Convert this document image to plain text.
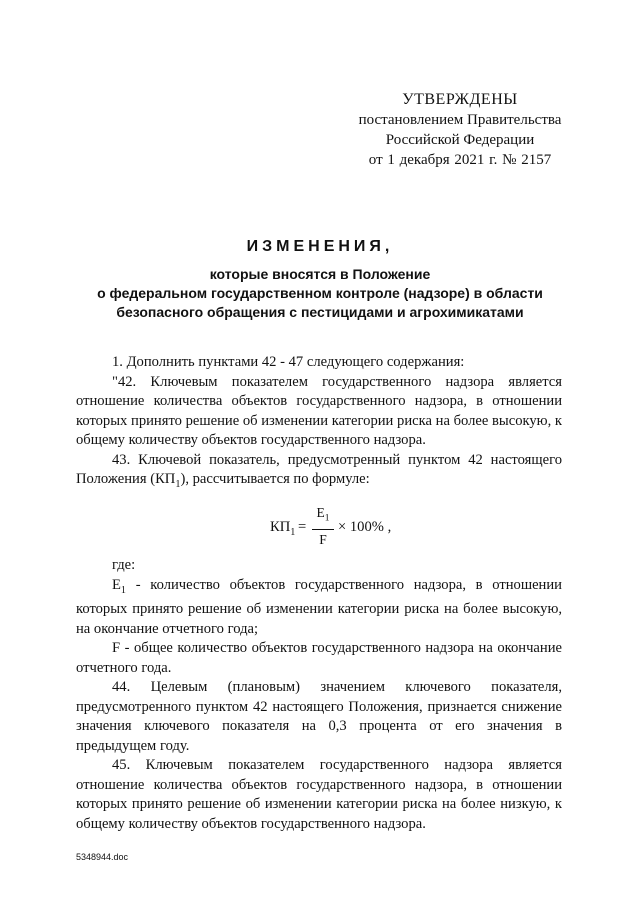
УТВЕРЖДЕНЫ
постановлением Правительства
Российской Федерации
от 1 декабря 2021 г. № 2157
ИЗМЕНЕНИЯ,
которые вносятся в Положение
о федеральном государственном контроле (надзоре) в области
безопасного обращения с пестицидами и агрохимикатами

1. Дополнить пунктами 42 - 47 следующего содержания:

"42. Ключевым показателем государственного надзора является отношение количества объектов государственного надзора, в отношении которых принято решение об изменении категории риска на более высокую, к общему количеству объектов государственного надзора.

43. Ключевой показатель, предусмотренный пунктом 42 настоящего Положения $(КП_1)$, рассчитывается по формуле:

$КП_1$ =
$E_1$
F
× 100% ,

где:

$E_1$ - количество объектов государственного надзора, в отношении которых принято решение об изменении категории риска на более высокую, на окончание отчетного года;

F - общее количество объектов государственного надзора на окончание отчетного года.

44. Целевым (плановым) значением ключевого показателя, предусмотренного пунктом 42 настоящего Положения, признается снижение значения ключевого показателя на 0,3 процента от его значения в предыдущем году.

45. Ключевым показателем государственного надзора является отношение количества объектов государственного надзора, в отношении которых принято решение об изменении категории риска на более низкую, к общему количеству объектов государственного надзора.

5348944.doc
